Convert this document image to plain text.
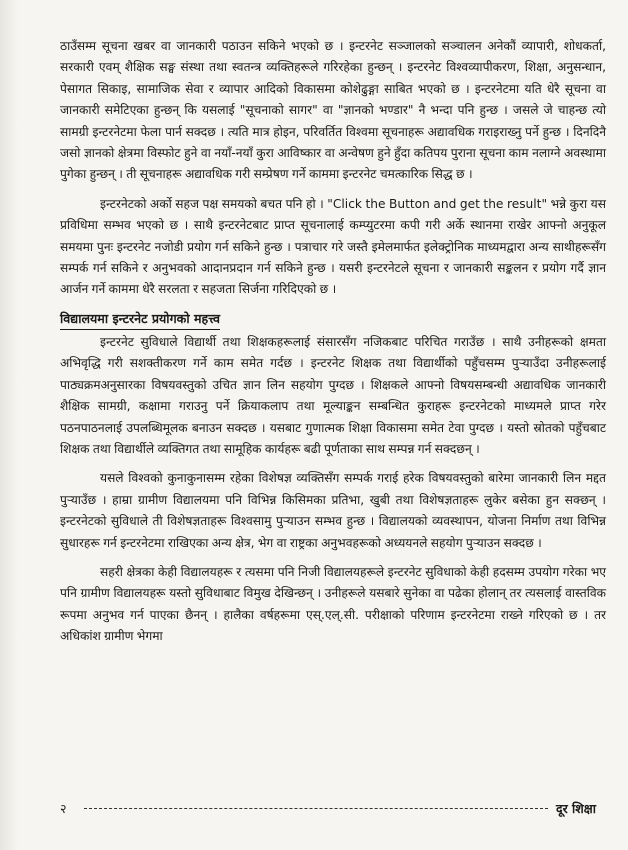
ठाउँसम्म सूचना खबर वा जानकारी पठाउन सकिने भएको छ । इन्टरनेट सञ्जालको सञ्चालन अनेकौं व्यापारी, शोधकर्ता, सरकारी एवम् शैक्षिक सङ्घ संस्था तथा स्वतन्त्र व्यक्तिहरूले गरिरहेका हुन्छन् । इन्टरनेट विश्वव्यापीकरण, शिक्षा, अनुसन्धान, पेसागत सिकाइ, सामाजिक सेवा र व्यापार आदिको विकासमा कोशेढुङ्गा साबित भएको छ । इन्टरनेटमा यति धेरै सूचना वा जानकारी समेटिएका हुन्छन् कि यसलाई "सूचनाको सागर" वा "ज्ञानको भण्डार" नै भन्दा पनि हुन्छ । जसले जे चाहन्छ त्यो सामग्री इन्टरनेटमा फेला पार्न सक्दछ । त्यति मात्र होइन, परिवर्तित विश्वमा सूचनाहरू अद्यावधिक गराइराख्नु पर्ने हुन्छ । दिनदिनै जसो ज्ञानको क्षेत्रमा विस्फोट हुने वा नयाँ-नयाँ कुरा आविष्कार वा अन्वेषण हुने हुँदा कतिपय पुराना सूचना काम नलाग्ने अवस्थामा पुगेका हुन्छन् । ती सूचनाहरू अद्यावधिक गरी सम्प्रेषण गर्ने काममा इन्टरनेट चमत्कारिक सिद्ध छ ।

इन्टरनेटको अर्को सहज पक्ष समयको बचत पनि हो । "Click the Button and get the result" भन्ने कुरा यस प्रविधिमा सम्भव भएको छ । साथै इन्टरनेटबाट प्राप्त सूचनालाई कम्प्युटरमा कपी गरी अर्के स्थानमा राखेर आफ्नो अनुकूल समयमा पुनः इन्टरनेट नजोडी प्रयोग गर्न सकिने हुन्छ । पत्राचार गरे जस्तै इमेलमार्फत इलेक्ट्रोनिक माध्यमद्वारा अन्य साथीहरूसँग सम्पर्क गर्न सकिने र अनुभवको आदानप्रदान गर्न सकिने हुन्छ । यसरी इन्टरनेटले सूचना र जानकारी सङ्कलन र प्रयोग गर्दै ज्ञान आर्जन गर्ने काममा धेरै सरलता र सहजता सिर्जना गरिदिएको छ ।

विद्यालयमा इन्टरनेट प्रयोगको महत्त्व

इन्टरनेट सुविधाले विद्यार्थी तथा शिक्षकहरूलाई संसारसँग नजिकबाट परिचित गराउँछ । साथै उनीहरूको क्षमता अभिवृद्धि गरी सशक्तीकरण गर्ने काम समेत गर्दछ । इन्टरनेट शिक्षक तथा विद्यार्थीको पहुँचसम्म पुऱ्याउँदा उनीहरूलाई पाठ्यक्रमअनुसारका विषयवस्तुको उचित ज्ञान लिन सहयोग पुग्दछ । शिक्षकले आफ्नो विषयसम्बन्धी अद्यावधिक जानकारी शैक्षिक सामग्री, कक्षामा गराउनु पर्ने क्रियाकलाप तथा मूल्याङ्कन सम्बन्धित कुराहरू इन्टरनेटको माध्यमले प्राप्त गरेर पठनपाठनलाई उपलब्धिमूलक बनाउन सक्दछ । यसबाट गुणात्मक शिक्षा विकासमा समेत टेवा पुग्दछ । यस्तो स्रोतको पहुँचबाट शिक्षक तथा विद्यार्थीले व्यक्तिगत तथा सामूहिक कार्यहरू बढी पूर्णताका साथ सम्पन्न गर्न सक्दछन् ।

यसले विश्वको कुनाकुनासम्म रहेका विशेषज्ञ व्यक्तिसँग सम्पर्क गराई हरेक विषयवस्तुको बारेमा जानकारी लिन मद्दत पुऱ्याउँछ । हाम्रा ग्रामीण विद्यालयमा पनि विभिन्न किसिमका प्रतिभा, खुबी तथा विशेषज्ञताहरू लुकेर बसेका हुन सक्छन् । इन्टरनेटको सुविधाले ती विशेषज्ञताहरू विश्वसामु पुऱ्याउन सम्भव हुन्छ । विद्यालयको व्यवस्थापन, योजना निर्माण तथा विभिन्न सुधारहरू गर्न इन्टरनेटमा राखिएका अन्य क्षेत्र, भेग वा राष्ट्रका अनुभवहरूको अध्ययनले सहयोग पुऱ्याउन सक्दछ ।

सहरी क्षेत्रका केही विद्यालयहरू र त्यसमा पनि निजी विद्यालयहरूले इन्टरनेट सुविधाको केही हदसम्म उपयोग गरेका भए पनि ग्रामीण विद्यालयहरू यस्तो सुविधाबाट विमुख देखिन्छन् । उनीहरूले यसबारे सुनेका वा पढेका होलान् तर त्यसलाई वास्तविक रूपमा अनुभव गर्न पाएका छैनन् । हालैका वर्षहरूमा एस्.एल्.सी. परीक्षाको परिणाम इन्टरनेटमा राख्ने गरिएको छ । तर अधिकांश ग्रामीण भेगमा

२	दूर शिक्षा
